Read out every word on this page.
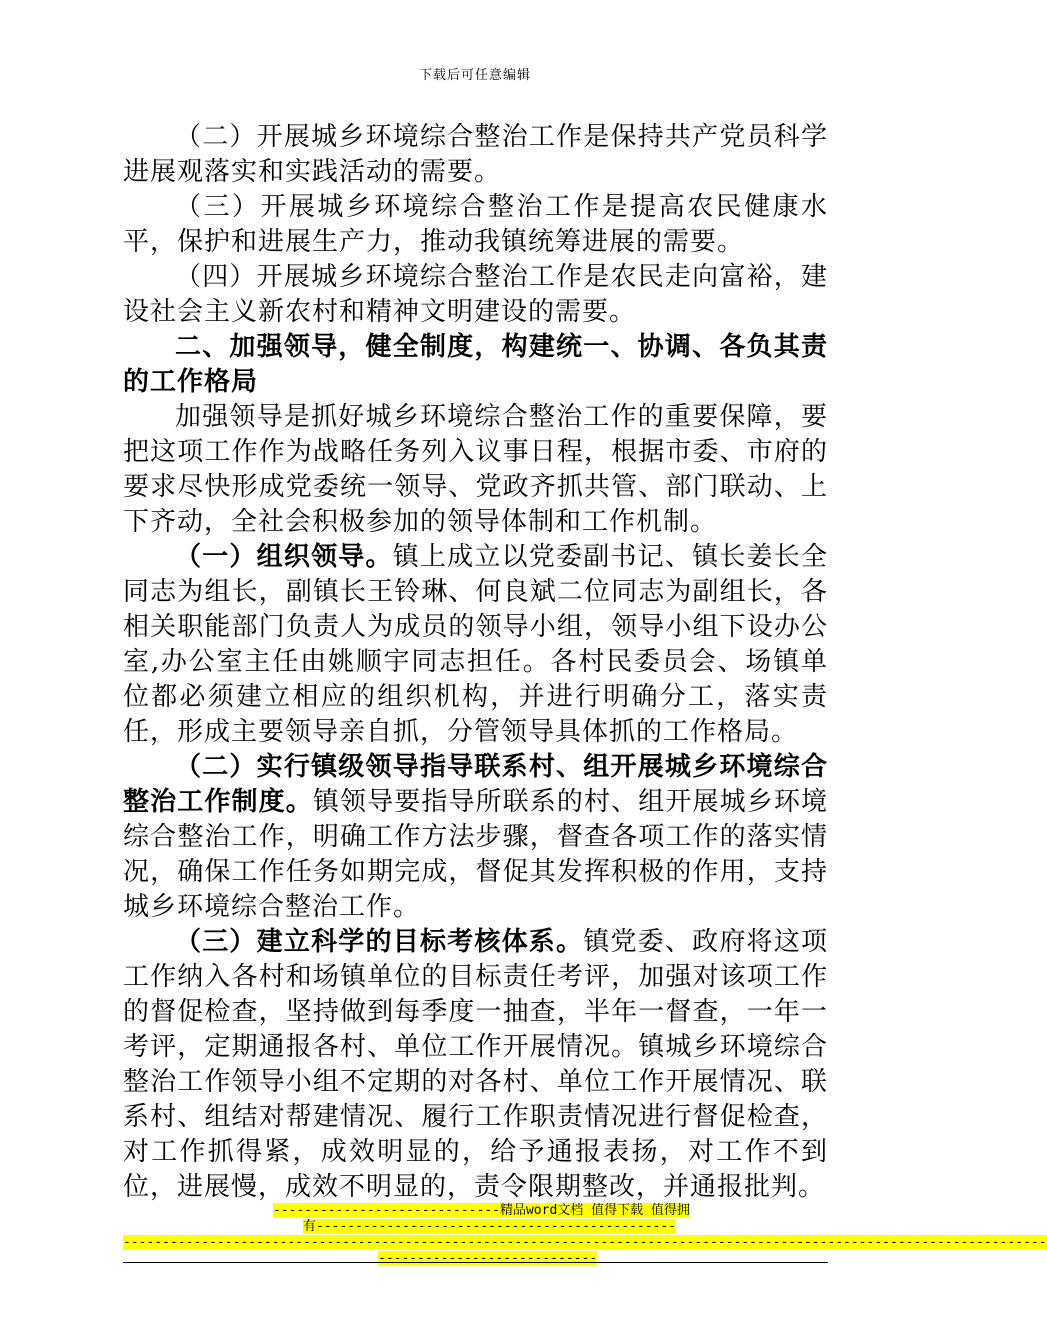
下载后可任意编辑

（二）开展城乡环境综合整治工作是保持共产党员科学进展观落实和实践活动的需要。

（三）开展城乡环境综合整治工作是提高农民健康水平，保护和进展生产力，推动我镇统筹进展的需要。

（四）开展城乡环境综合整治工作是农民走向富裕，建设社会主义新农村和精神文明建设的需要。

二、加强领导，健全制度，构建统一、协调、各负其责的工作格局

加强领导是抓好城乡环境综合整治工作的重要保障，要把这项工作作为战略任务列入议事日程，根据市委、市府的要求尽快形成党委统一领导、党政齐抓共管、部门联动、上下齐动，全社会积极参加的领导体制和工作机制。

（一）组织领导。镇上成立以党委副书记、镇长姜长全同志为组长，副镇长王铃琳、何良斌二位同志为副组长，各相关职能部门负责人为成员的领导小组，领导小组下设办公室,办公室主任由姚顺宇同志担任。各村民委员会、场镇单位都必须建立相应的组织机构，并进行明确分工，落实责任，形成主要领导亲自抓，分管领导具体抓的工作格局。

（二）实行镇级领导指导联系村、组开展城乡环境综合整治工作制度。镇领导要指导所联系的村、组开展城乡环境综合整治工作，明确工作方法步骤，督查各项工作的落实情况，确保工作任务如期完成，督促其发挥积极的作用，支持城乡环境综合整治工作。

（三）建立科学的目标考核体系。镇党委、政府将这项工作纳入各村和场镇单位的目标责任考评，加强对该项工作的督促检查，坚持做到每季度一抽查，半年一督查，一年一考评，定期通报各村、单位工作开展情况。镇城乡环境综合整治工作领导小组不定期的对各村、单位工作开展情况、联系村、组结对帮建情况、履行工作职责情况进行督促检查，对工作抓得紧，成效明显的，给予通报表扬，对工作不到位，进展慢，成效不明显的，责令限期整改，并通报批判。

-----------------------------精品word文档 值得下载 值得拥
有----------------------------------------------
----------------------------------------------------------------------------------------------------------------------
----------------------------
